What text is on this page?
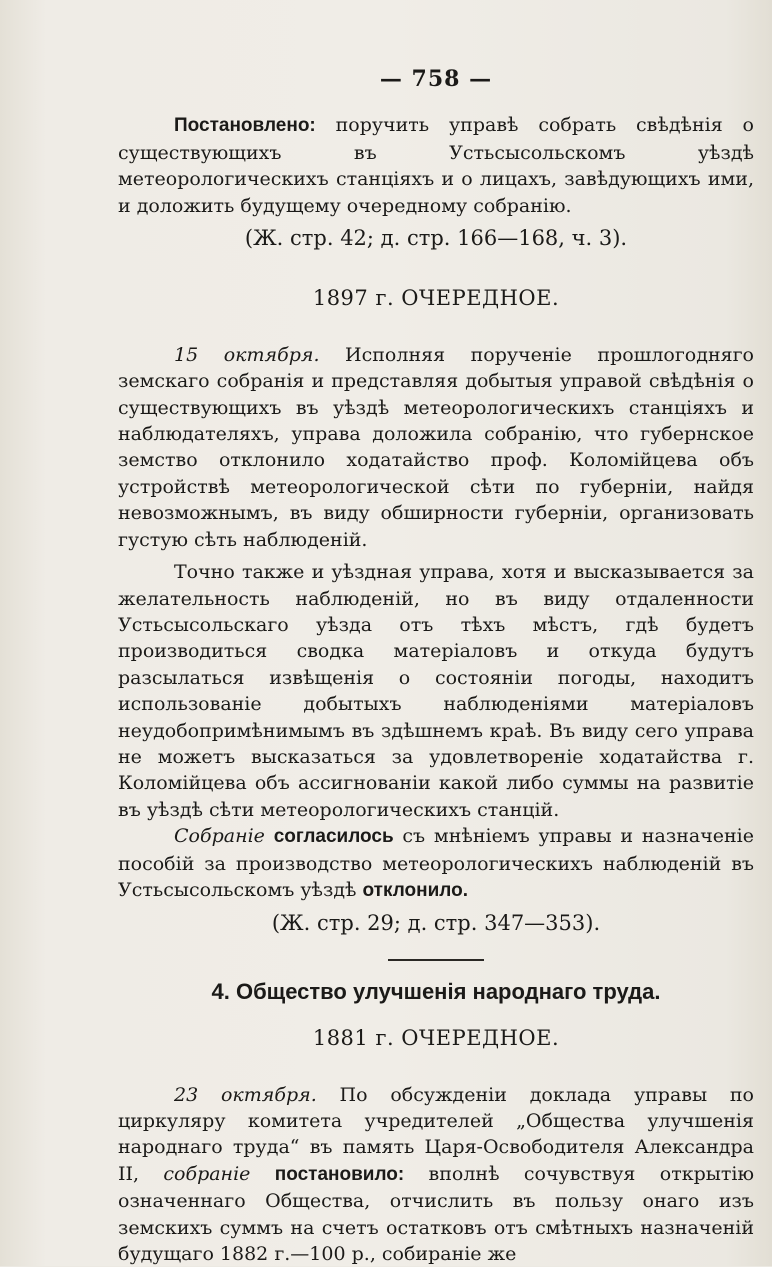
— 758 —

Постановлено: поручить управѣ собрать свѣдѣнія о существующихъ въ Устьсысольскомъ уѣздѣ метеорологическихъ станціяхъ и о лицахъ, завѣдующихъ ими, и доложить будущему очередному собранію.

(Ж. стр. 42; д. стр. 166—168, ч. 3).

1897 г. ОЧЕРЕДНОЕ.

15 октября. Исполняя порученіе прошлогодняго земскаго собранія и представляя добытыя управой свѣдѣнія о существующихъ въ уѣздѣ метеорологическихъ станціяхъ и наблюдателяхъ, управа доложила собранію, что губернское земство отклонило ходатайство проф. Коломійцева объ устройствѣ метеорологической сѣти по губерніи, найдя невозможнымъ, въ виду обширности губерніи, организовать густую сѣть наблюденій.

Точно также и уѣздная управа, хотя и высказывается за желательность наблюденій, но въ виду отдаленности Устьсысольскаго уѣзда отъ тѣхъ мѣстъ, гдѣ будетъ производиться сводка матеріаловъ и откуда будутъ разсылаться извѣщенія о состояніи погоды, находитъ использованіе добытыхъ наблюденіями матеріаловъ неудобопримѣнимымъ въ здѣшнемъ краѣ. Въ виду сего управа не можетъ высказаться за удовлетвореніе ходатайства г. Коломійцева объ ассигнованіи какой либо суммы на развитіе въ уѣздѣ сѣти метеорологическихъ станцій.

Собраніе согласилось съ мнѣніемъ управы и назначеніе пособій за производство метеорологическихъ наблюденій въ Устьсысольскомъ уѣздѣ отклонило.

(Ж. стр. 29; д. стр. 347—353).

4. Общество улучшенія народнаго труда.
1881 г. ОЧЕРЕДНОЕ.

23 октября. По обсужденіи доклада управы по циркуляру комитета учредителей „Общества улучшенія народнаго труда“ въ память Царя-Освободителя Александра II, собраніе постановило: вполнѣ сочувствуя открытію означеннаго Общества, отчислить въ пользу онаго изъ земскихъ суммъ на счетъ остатковъ отъ смѣтныхъ назначеній будущаго 1882 г.—100 р., собираніе же
